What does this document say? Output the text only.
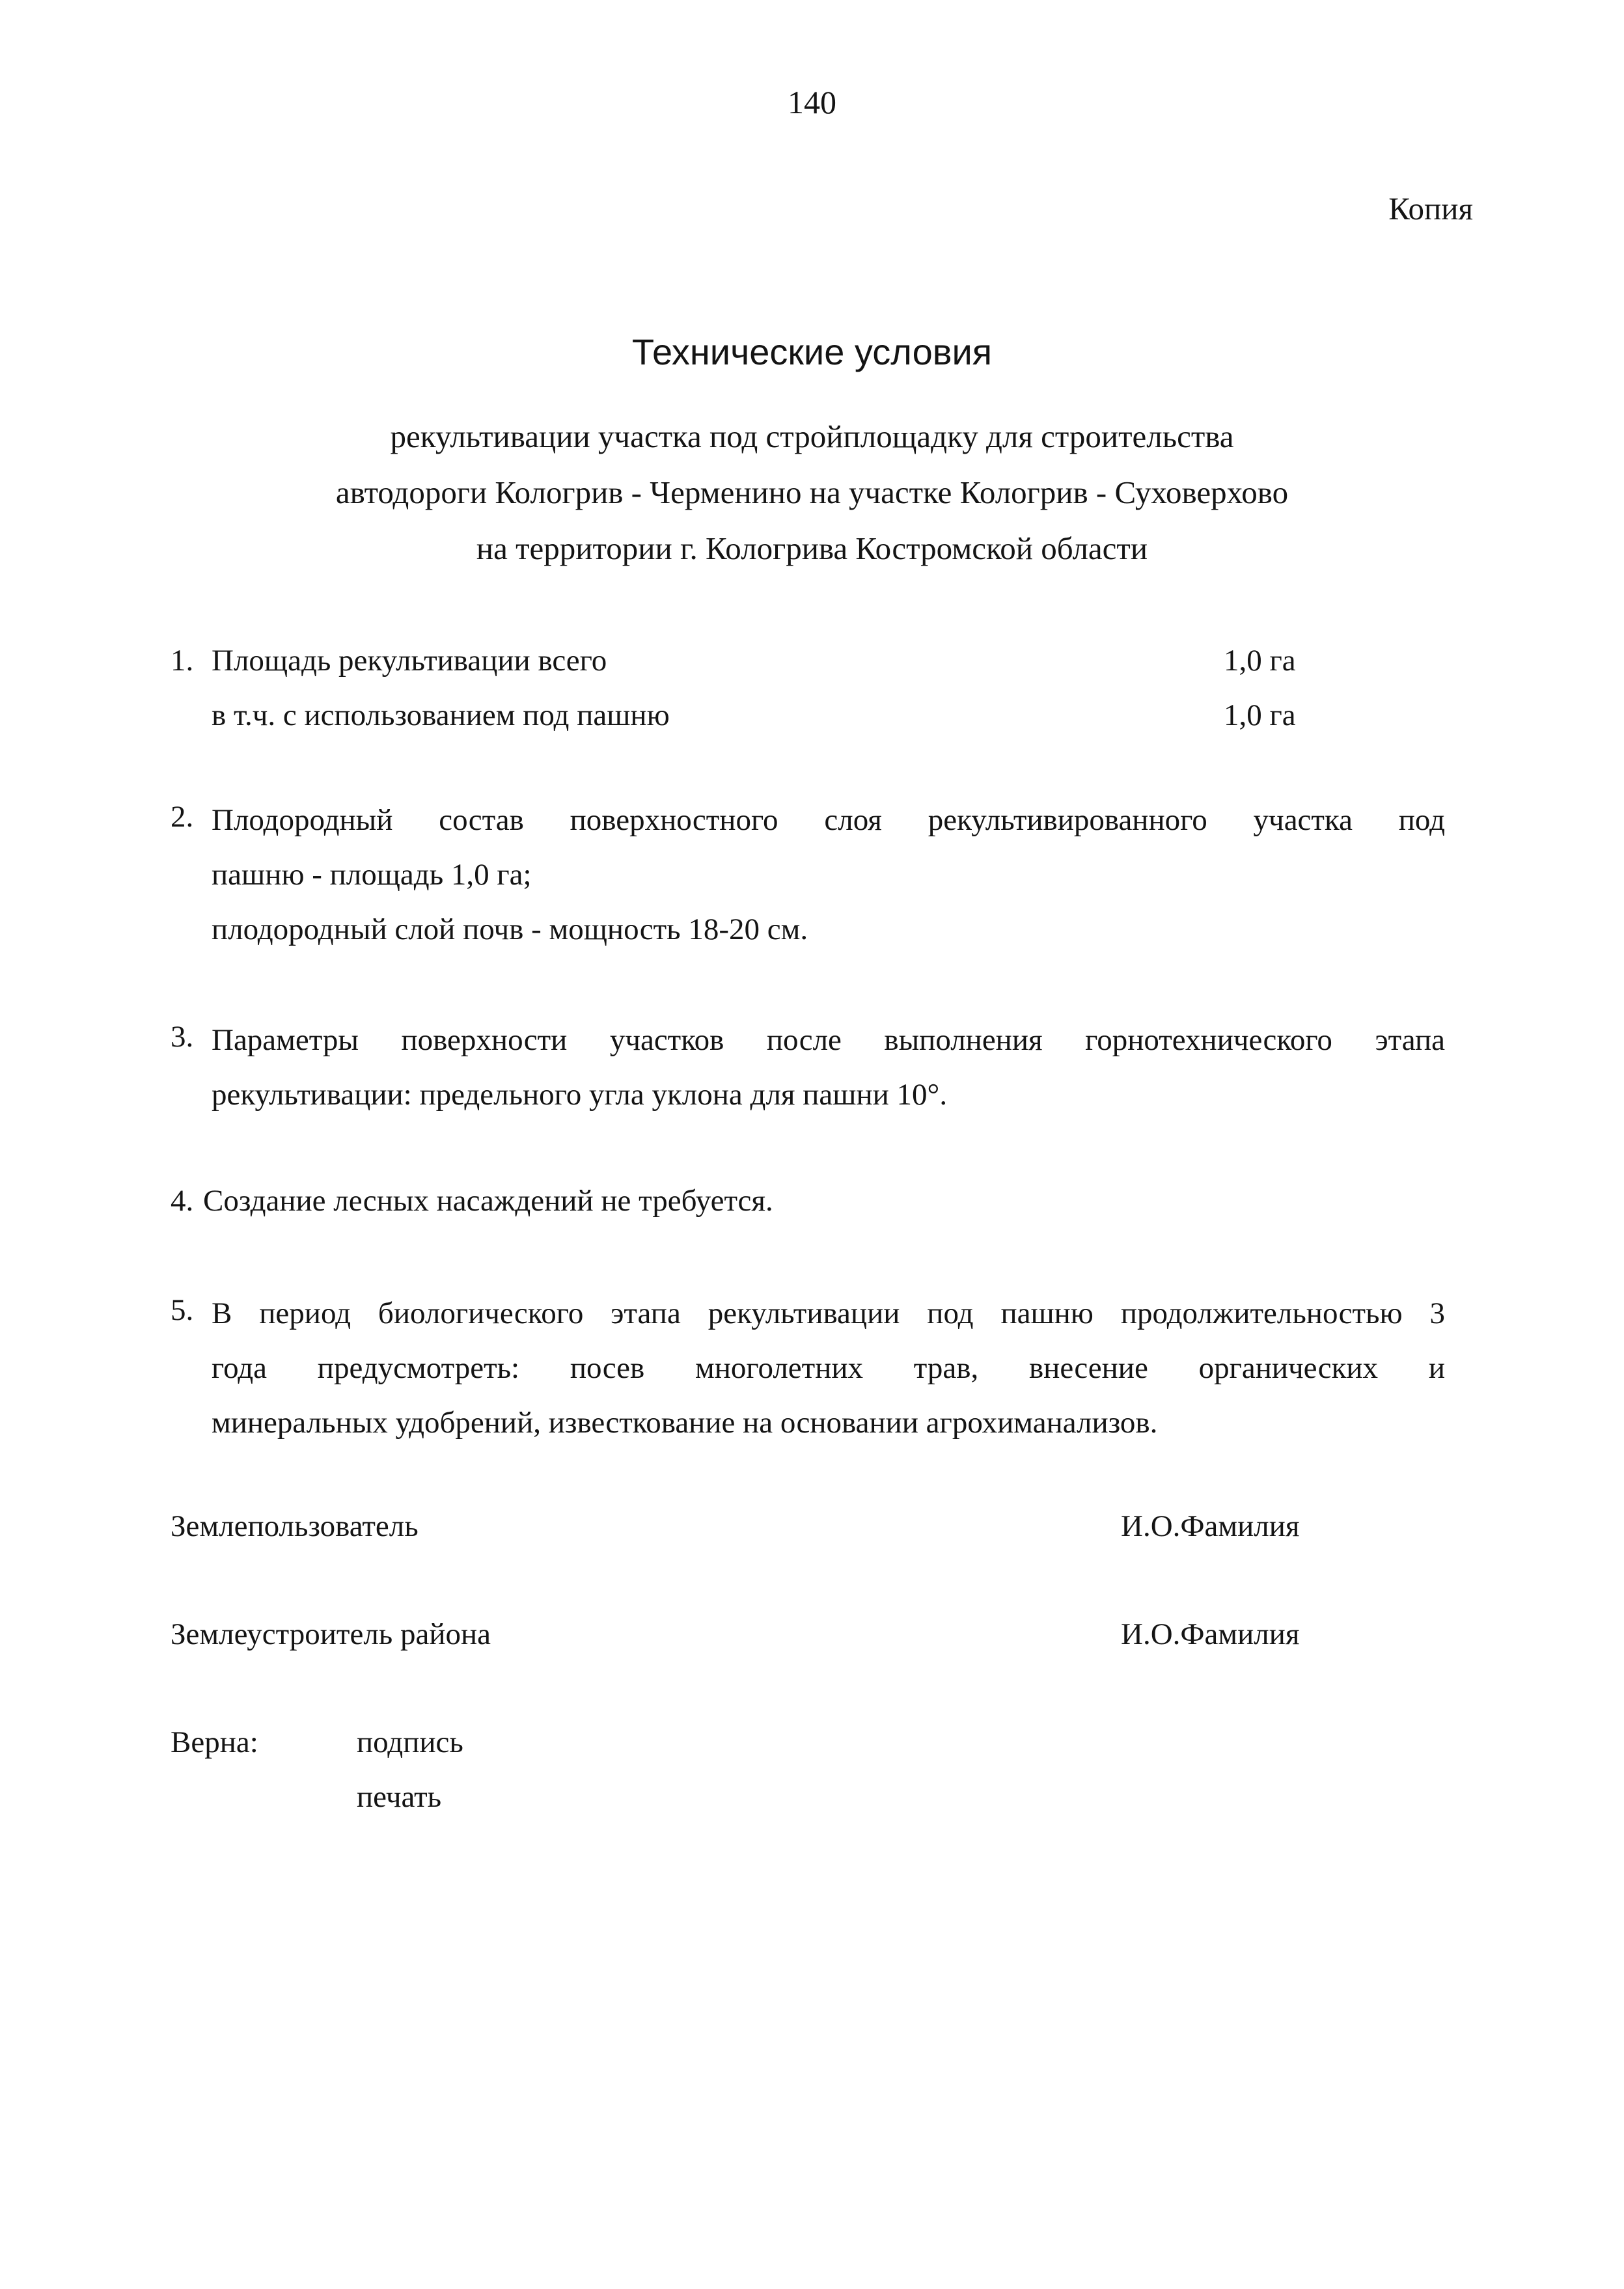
140
Копия
Технические условия
рекультивации участка под стройплощадку для строительства
автодороги Кологрив - Черменино на участке Кологрив - Суховерхово
на территории г. Кологрива Костромской области
1. Площадь рекультивации всего	1,0 га
в т.ч. с использованием под пашню	1,0 га
2. Плодородный состав поверхностного слоя рекультивированного участка под
пашню - площадь 1,0 га;
плодородный слой почв - мощность 18-20 см.
3. Параметры поверхности участков после выполнения горнотехнического этапа
рекультивации: предельного угла уклона для пашни 10°.
4. Создание лесных насаждений не требуется.
5. В период биологического этапа рекультивации под пашню продолжительностью 3
года предусмотреть: посев многолетних трав, внесение органических и
минеральных удобрений, известкование на основании агрохиманализов.
Землепользователь	И.О.Фамилия
Землеустроитель района	И.О.Фамилия
Верна:	подпись
печать
